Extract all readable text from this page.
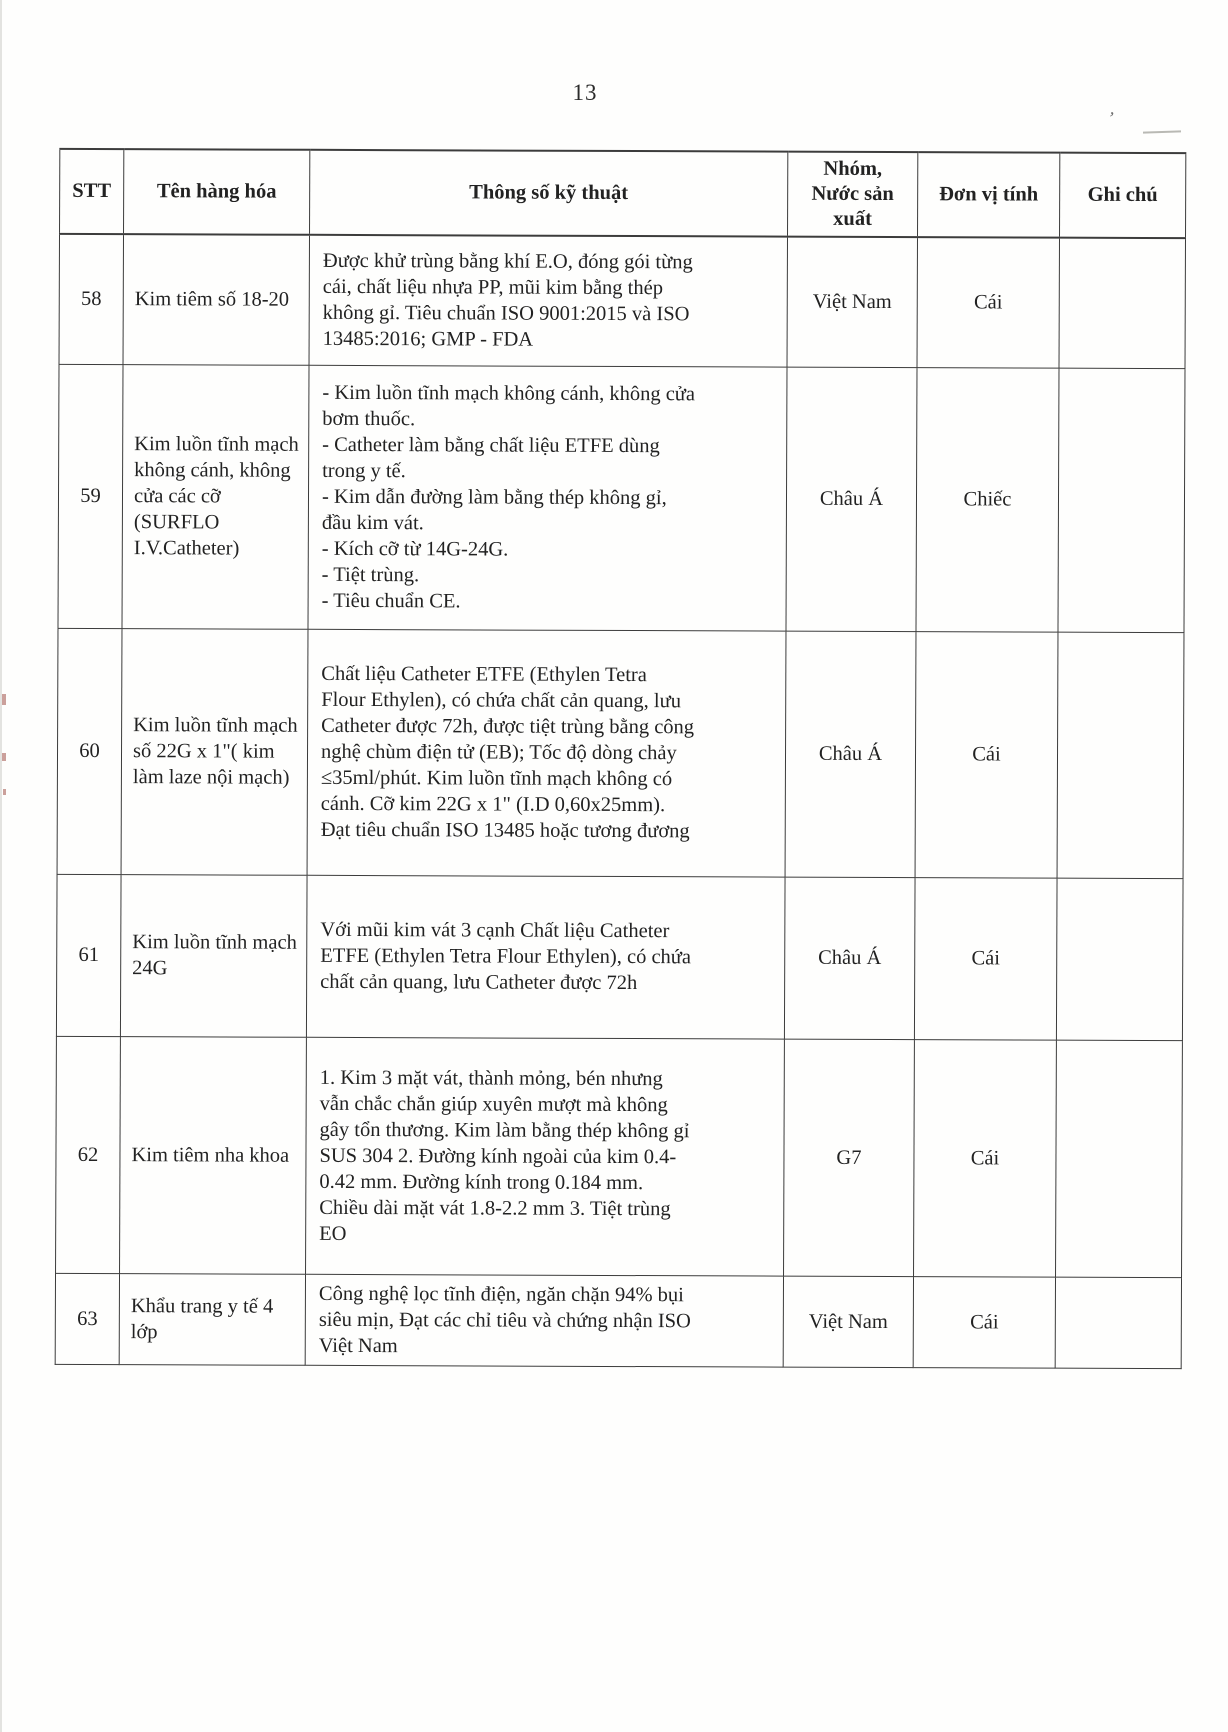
13
STT	Tên hàng hóa	Thông số kỹ thuật	Nhóm,
Nước sản
xuất	Đơn vị tính	Ghi chú
58	Kim tiêm số 18-20	Được khử trùng bằng khí E.O, đóng gói từng
cái, chất liệu nhựa PP, mũi kim bằng thép
không gỉ. Tiêu chuẩn ISO 9001:2015 và ISO
13485:2016; GMP - FDA	Việt Nam	Cái	
59	Kim luồn tĩnh mạch
không cánh, không
cửa các cỡ (SURFLO
I.V.Catheter)	- Kim luồn tĩnh mạch không cánh, không cửa
bơm thuốc.
- Catheter làm bằng chất liệu ETFE dùng
trong y tế.
- Kim dẫn đường làm bằng thép không gỉ,
đầu kim vát.
- Kích cỡ từ 14G-24G.
- Tiệt trùng.
- Tiêu chuẩn CE.	Châu Á	Chiếc	
60	Kim luồn tĩnh mạch
số 22G x 1"( kim
làm laze nội mạch)	Chất liệu Catheter ETFE (Ethylen Tetra
Flour Ethylen), có chứa chất cản quang, lưu
Catheter được 72h, được tiệt trùng bằng công
nghệ chùm điện tử (EB); Tốc độ dòng chảy
≤35ml/phút. Kim luồn tĩnh mạch không có
cánh. Cỡ kim 22G x 1" (I.D 0,60x25mm).
Đạt tiêu chuẩn ISO 13485 hoặc tương đương	Châu Á	Cái	
61	Kim luồn tĩnh mạch
24G	Với mũi kim vát 3 cạnh Chất liệu Catheter
ETFE (Ethylen Tetra Flour Ethylen), có chứa
chất cản quang, lưu Catheter được 72h	Châu Á	Cái	
62	Kim tiêm nha khoa	1. Kim 3 mặt vát, thành mỏng, bén nhưng
vẫn chắc chắn giúp xuyên mượt mà không
gây tổn thương. Kim làm bằng thép không gỉ
SUS 304 2. Đường kính ngoài của kim 0.4-
0.42 mm. Đường kính trong 0.184 mm.
Chiều dài mặt vát 1.8-2.2 mm 3. Tiệt trùng
EO	G7	Cái	
63	Khẩu trang y tế 4 lớp	Công nghệ lọc tĩnh điện, ngăn chặn 94% bụi
siêu mịn, Đạt các chỉ tiêu và chứng nhận ISO
Việt Nam	Việt Nam	Cái	
’
